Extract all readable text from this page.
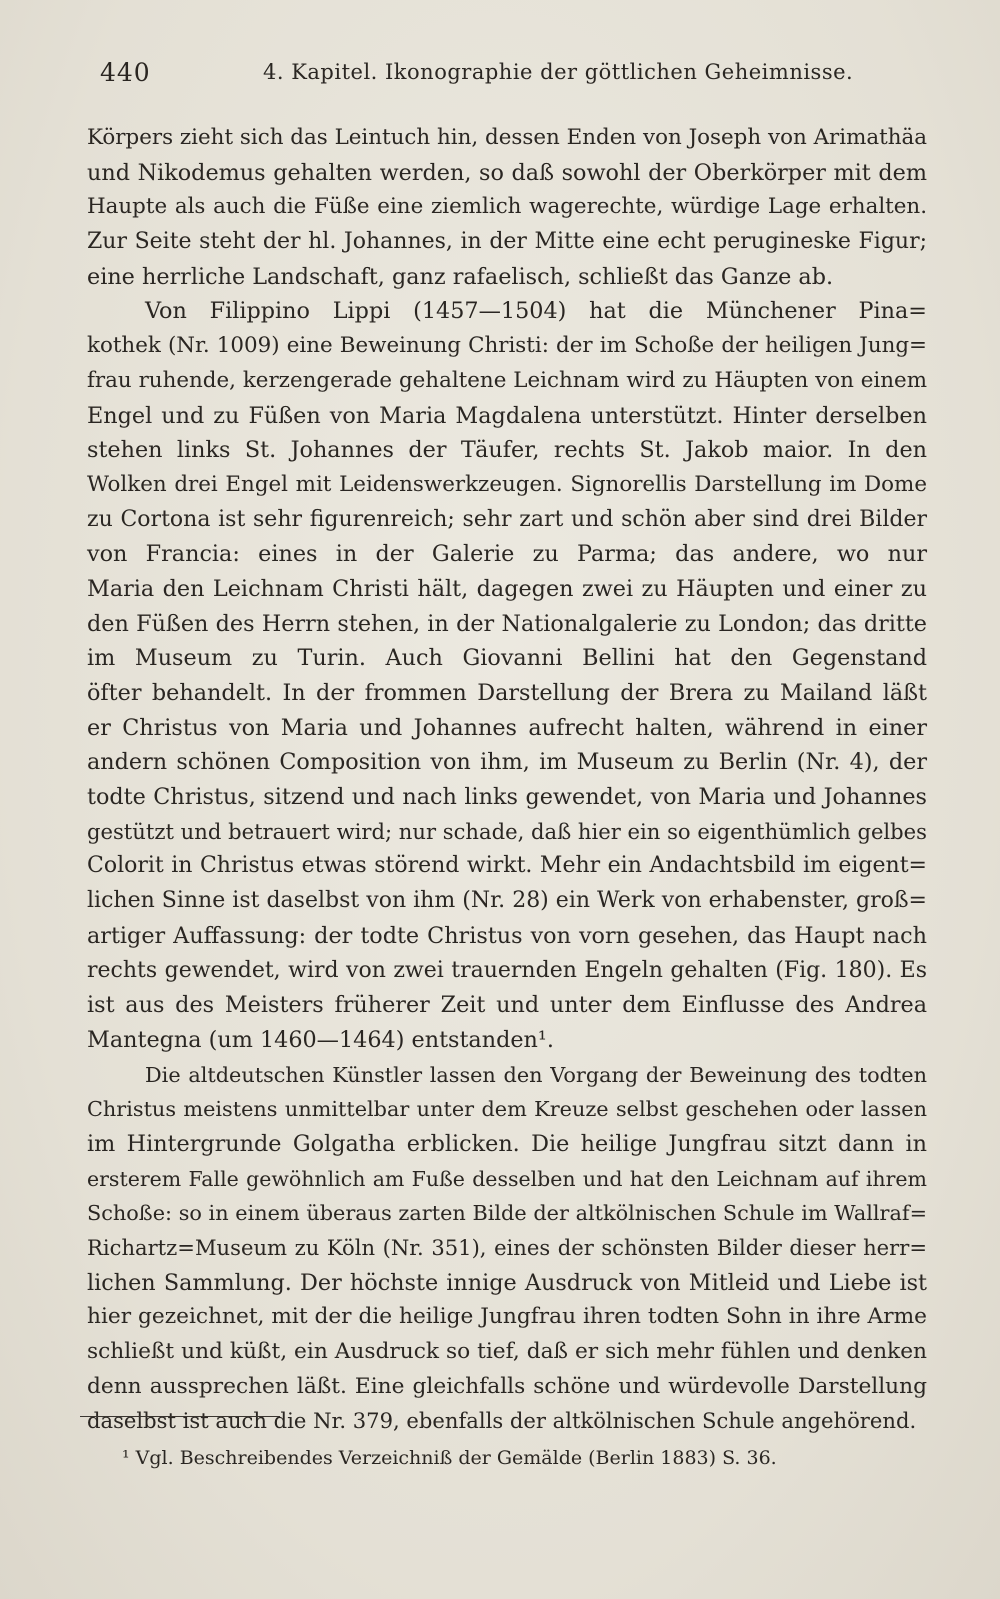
440	4. Kapitel. Ikonographie der göttlichen Geheimnisse.
Körpers zieht sich das Leintuch hin, dessen Enden von Joseph von Arimathäa
und Nikodemus gehalten werden, so daß sowohl der Oberkörper mit dem
Haupte als auch die Füße eine ziemlich wagerechte, würdige Lage erhalten.
Zur Seite steht der hl. Johannes, in der Mitte eine echt peruginеske Figur;
eine herrliche Landschaft, ganz rafaelisch, schließt das Ganze ab.
Von Filippino Lippi (1457—1504) hat die Münchener Pina=
kothek (Nr. 1009) eine Beweinung Christi: der im Schoße der heiligen Jung=
frau ruhende, kerzengerade gehaltene Leichnam wird zu Häupten von einem
Engel und zu Füßen von Maria Magdalena unterstützt. Hinter derselben
stehen links St. Johannes der Täufer, rechts St. Jakob maior. In den
Wolken drei Engel mit Leidenswerkzeugen. Signorellis Darstellung im Dome
zu Cortona ist sehr figurenreich; sehr zart und schön aber sind drei Bilder
von Francia: eines in der Galerie zu Parma; das andere, wo nur
Maria den Leichnam Christi hält, dagegen zwei zu Häupten und einer zu
den Füßen des Herrn stehen, in der Nationalgalerie zu London; das dritte
im Museum zu Turin. Auch Giovanni Bellini hat den Gegenstand
öfter behandelt. In der frommen Darstellung der Brera zu Mailand läßt
er Christus von Maria und Johannes aufrecht halten, während in einer
andern schönen Composition von ihm, im Museum zu Berlin (Nr. 4), der
todte Christus, sitzend und nach links gewendet, von Maria und Johannes
gestützt und betrauert wird; nur schade, daß hier ein so eigenthümlich gelbes
Colorit in Christus etwas störend wirkt. Mehr ein Andachtsbild im eigent=
lichen Sinne ist daselbst von ihm (Nr. 28) ein Werk von erhabenster, groß=
artiger Auffassung: der todte Christus von vorn gesehen, das Haupt nach
rechts gewendet, wird von zwei trauernden Engeln gehalten (Fig. 180). Es
ist aus des Meisters früherer Zeit und unter dem Einflusse des Andrea
Mantegna (um 1460—1464) entstanden¹.
Die altdeutschen Künstler lassen den Vorgang der Beweinung des todten
Christus meistens unmittelbar unter dem Kreuze selbst geschehen oder lassen
im Hintergrunde Golgatha erblicken. Die heilige Jungfrau sitzt dann in
ersterem Falle gewöhnlich am Fuße desselben und hat den Leichnam auf ihrem
Schoße: so in einem überaus zarten Bilde der altkölnischen Schule im Wallraf=
Richartz=Museum zu Köln (Nr. 351), eines der schönsten Bilder dieser herr=
lichen Sammlung. Der höchste innige Ausdruck von Mitleid und Liebe ist
hier gezeichnet, mit der die heilige Jungfrau ihren todten Sohn in ihre Arme
schließt und küßt, ein Ausdruck so tief, daß er sich mehr fühlen und denken
denn aussprechen läßt. Eine gleichfalls schöne und würdevolle Darstellung
daselbst ist auch die Nr. 379, ebenfalls der altkölnischen Schule angehörend.
¹ Vgl. Beschreibendes Verzeichniß der Gemälde (Berlin 1883) S. 36.
